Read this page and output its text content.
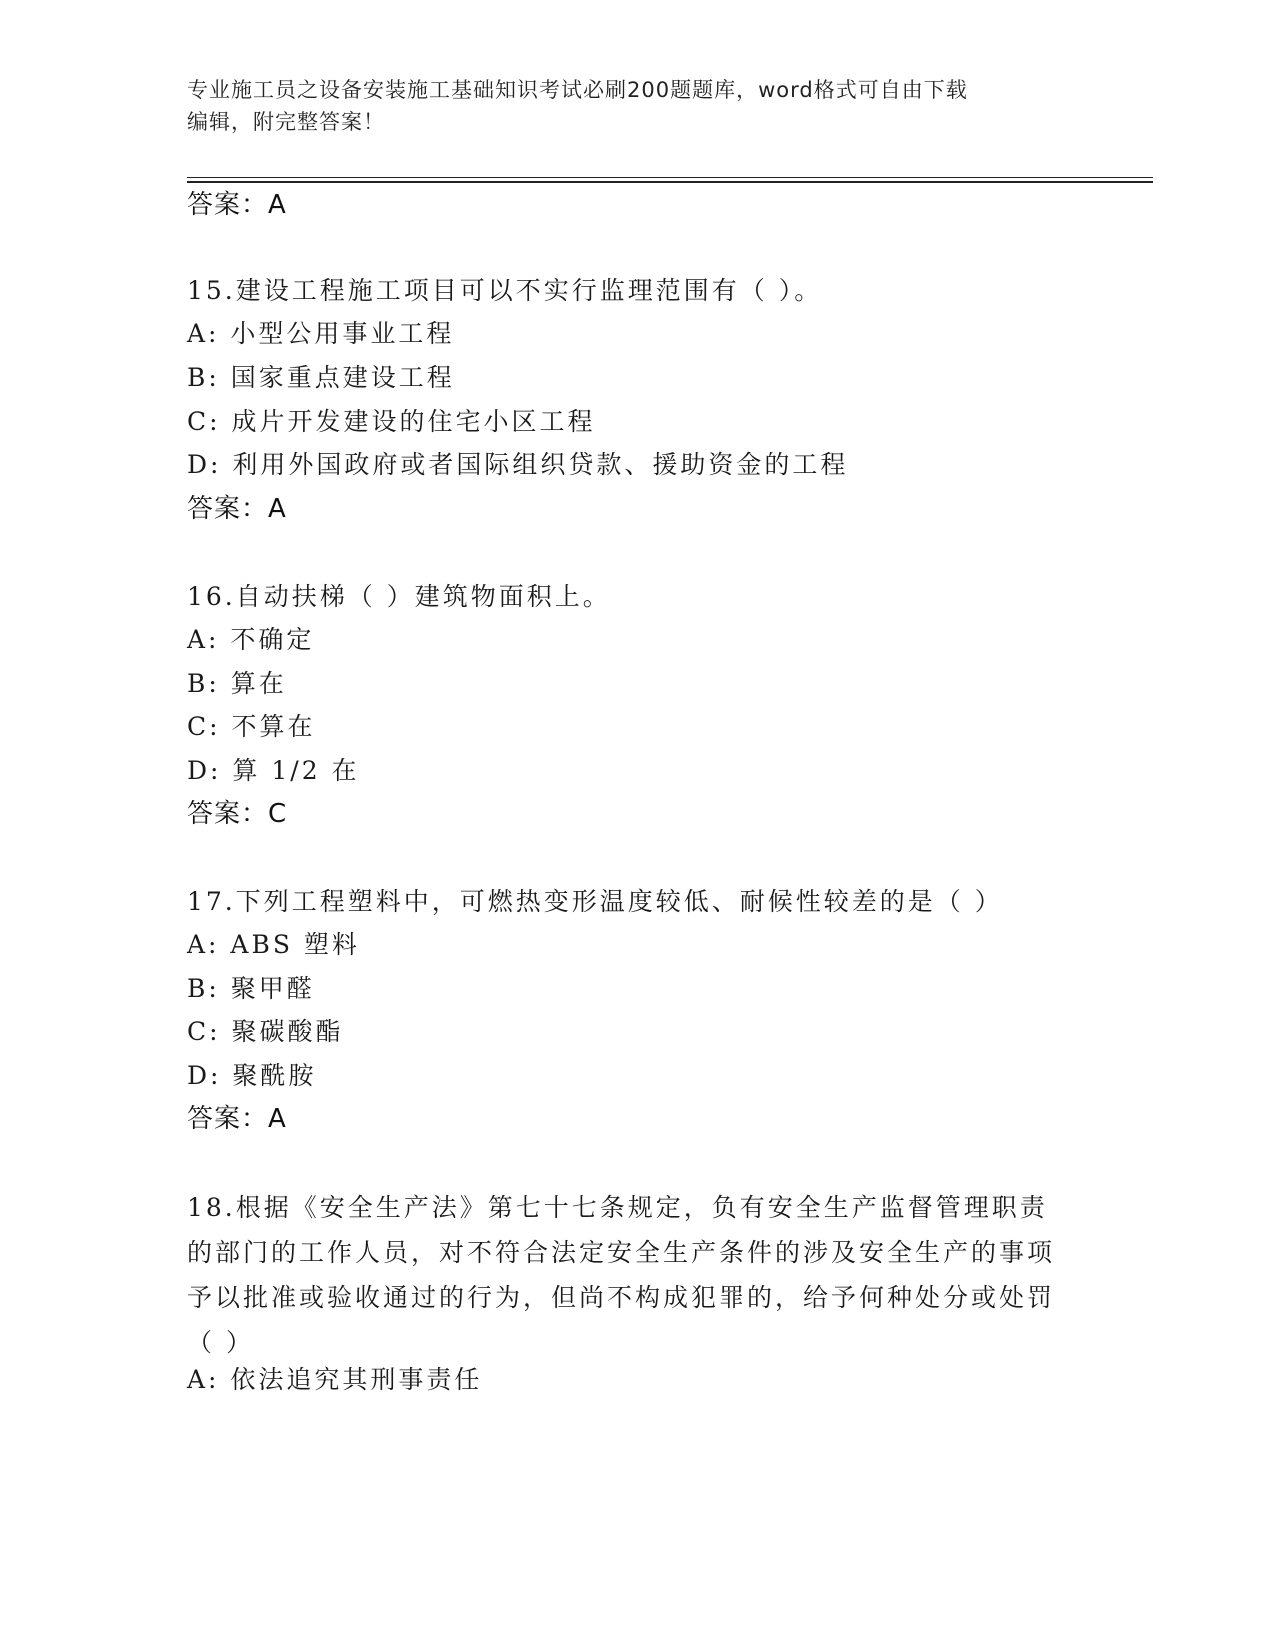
专业施工员之设备安装施工基础知识考试必刷200题题库，word格式可自由下载
编辑，附完整答案！
答案：A
15.建设工程施工项目可以不实行监理范围有（ ）。
A: 小型公用事业工程
B: 国家重点建设工程
C: 成片开发建设的住宅小区工程
D: 利用外国政府或者国际组织贷款、援助资金的工程
答案：A
16.自动扶梯（ ）建筑物面积上。
A: 不确定
B: 算在
C: 不算在
D: 算 1/2 在
答案：C
17.下列工程塑料中，可燃热变形温度较低、耐候性较差的是（ ）
A: ABS 塑料
B: 聚甲醛
C: 聚碳酸酯
D: 聚酰胺
答案：A
18.根据《安全生产法》第七十七条规定，负有安全生产监督管理职责的部门的工作人员，对不符合法定安全生产条件的涉及安全生产的事项予以批准或验收通过的行为，但尚不构成犯罪的，给予何种处分或处罚（ ）
A: 依法追究其刑事责任
